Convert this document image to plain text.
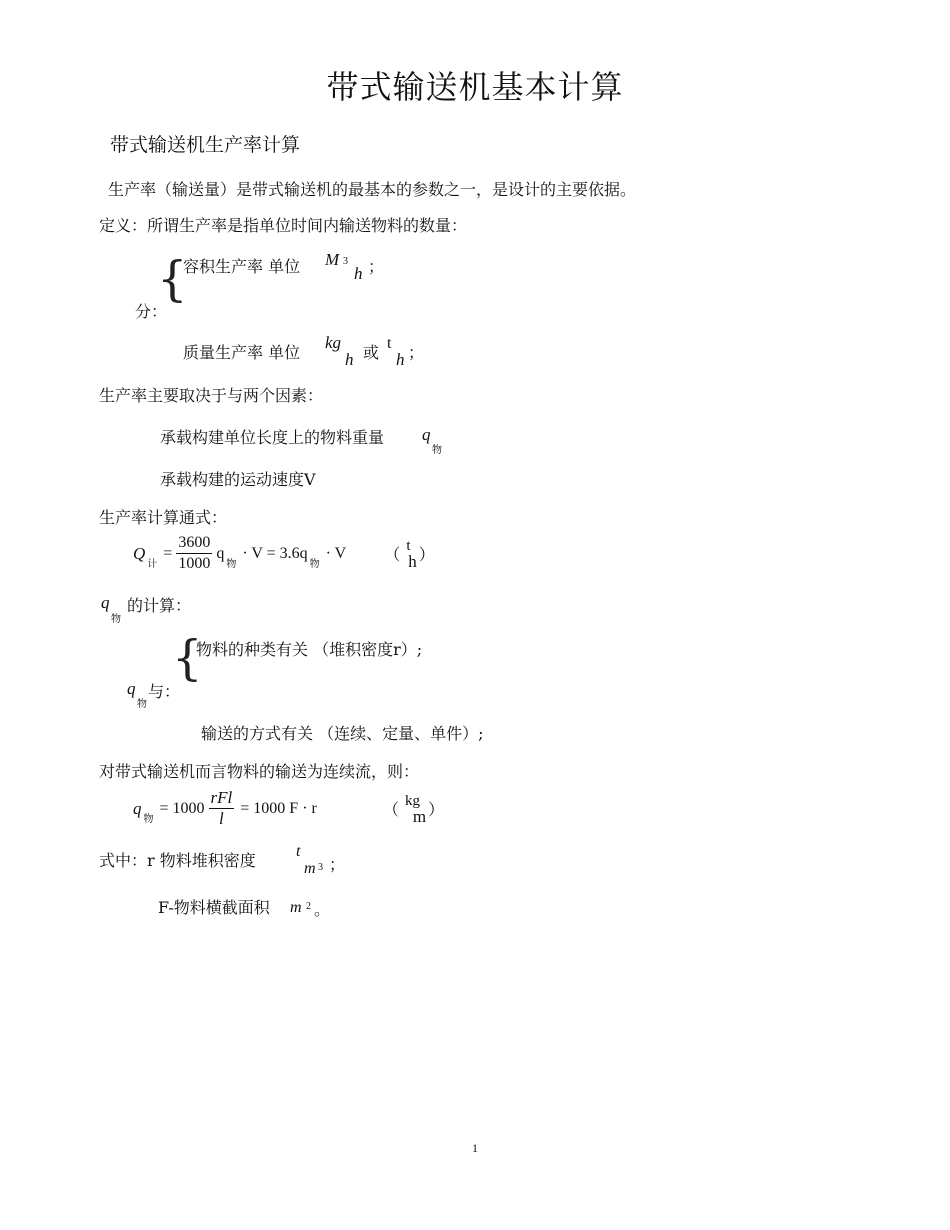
带式输送机基本计算
带式输送机生产率计算
生产率（输送量）是带式输送机的最基本的参数之一，是设计的主要依据。
定义：所谓生产率是指单位时间内输送物料的数量：
{
分：
容积生产率 单位 M 3
h ；
质量生产率 单位
kg
h 或 t
h ；
生产率主要取决于与两个因素：
承载构建单位长度上的物料重量 q
物
承载构建的运动速度V
生产率计算通式：
Q
计
= $\frac{3600}{1000}$ q
物
· V = 3.6q
物
· V （ t
h ）
q
物
的计算：
{
物料的种类有关 （堆积密度r）;
q
物
与：
输送的方式有关 （连续、定量、单件）;
对带式输送机而言物料的输送为连续流，则：
q
物
= $1000 \frac{\text{rFl}}{l} = 1000$ F · r	（ kg
m ）
式中：r 物料堆积密度	t
m 3 ；
F-物料横截面积 m 2 。
1
